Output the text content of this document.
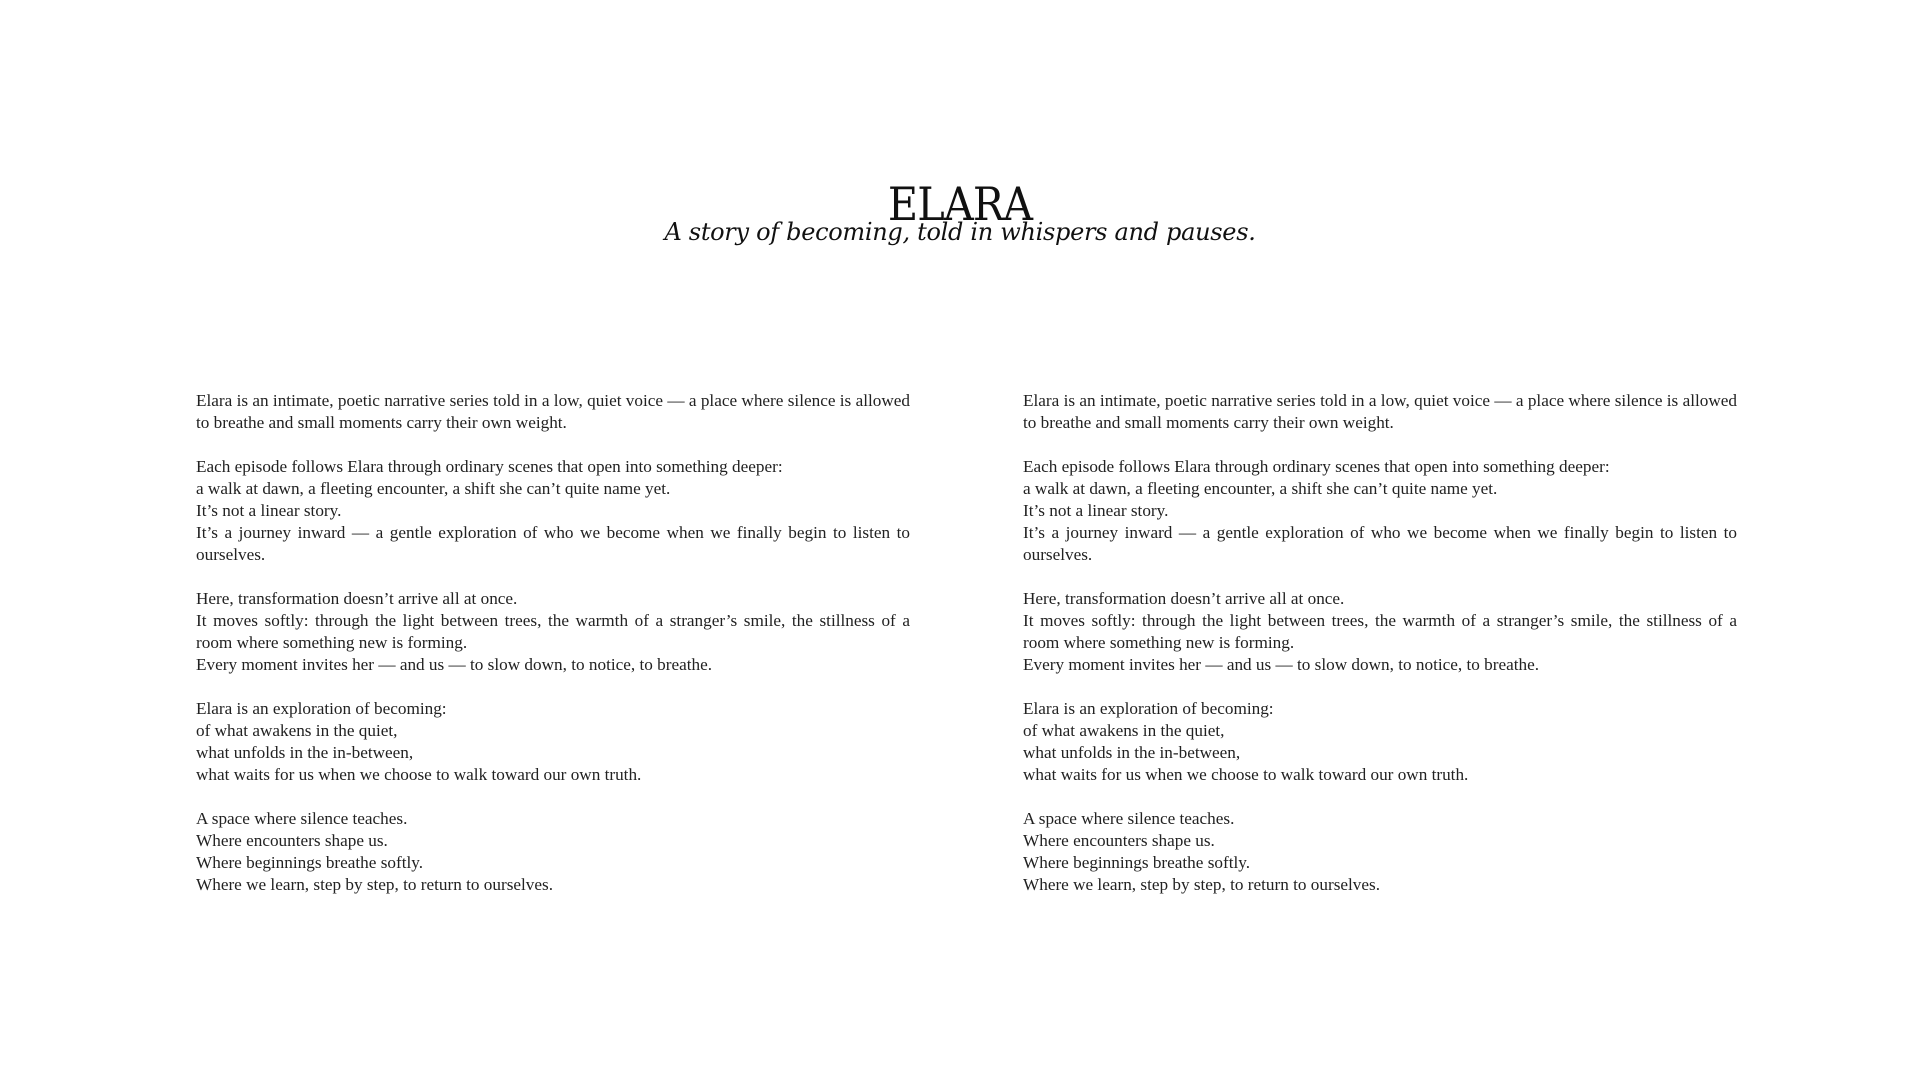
ELARA
A story of becoming, told in whispers and pauses.

Elara is an intimate, poetic narrative series told in a low, quiet voice — a place where silence is allowed to breathe and small moments carry their own weight.

Each episode follows Elara through ordinary scenes that open into something deeper:
a walk at dawn, a fleeting encounter, a shift she can’t quite name yet.
It’s not a linear story.
It’s a journey inward — a gentle exploration of who we become when we finally begin to listen to ourselves.

Here, transformation doesn’t arrive all at once.
It moves softly: through the light between trees, the warmth of a stranger’s smile, the stillness of a room where something new is forming.
Every moment invites her — and us — to slow down, to notice, to breathe.

Elara is an exploration of becoming:
of what awakens in the quiet,
what unfolds in the in-between,
what waits for us when we choose to walk toward our own truth.

A space where silence teaches.
Where encounters shape us.
Where beginnings breathe softly.
Where we learn, step by step, to return to ourselves.

Elara is an intimate, poetic narrative series told in a low, quiet voice — a place where silence is allowed to breathe and small moments carry their own weight.

Each episode follows Elara through ordinary scenes that open into something deeper:
a walk at dawn, a fleeting encounter, a shift she can’t quite name yet.
It’s not a linear story.
It’s a journey inward — a gentle exploration of who we become when we finally begin to listen to ourselves.

Here, transformation doesn’t arrive all at once.
It moves softly: through the light between trees, the warmth of a stranger’s smile, the stillness of a room where something new is forming.
Every moment invites her — and us — to slow down, to notice, to breathe.

Elara is an exploration of becoming:
of what awakens in the quiet,
what unfolds in the in-between,
what waits for us when we choose to walk toward our own truth.

A space where silence teaches.
Where encounters shape us.
Where beginnings breathe softly.
Where we learn, step by step, to return to ourselves.
